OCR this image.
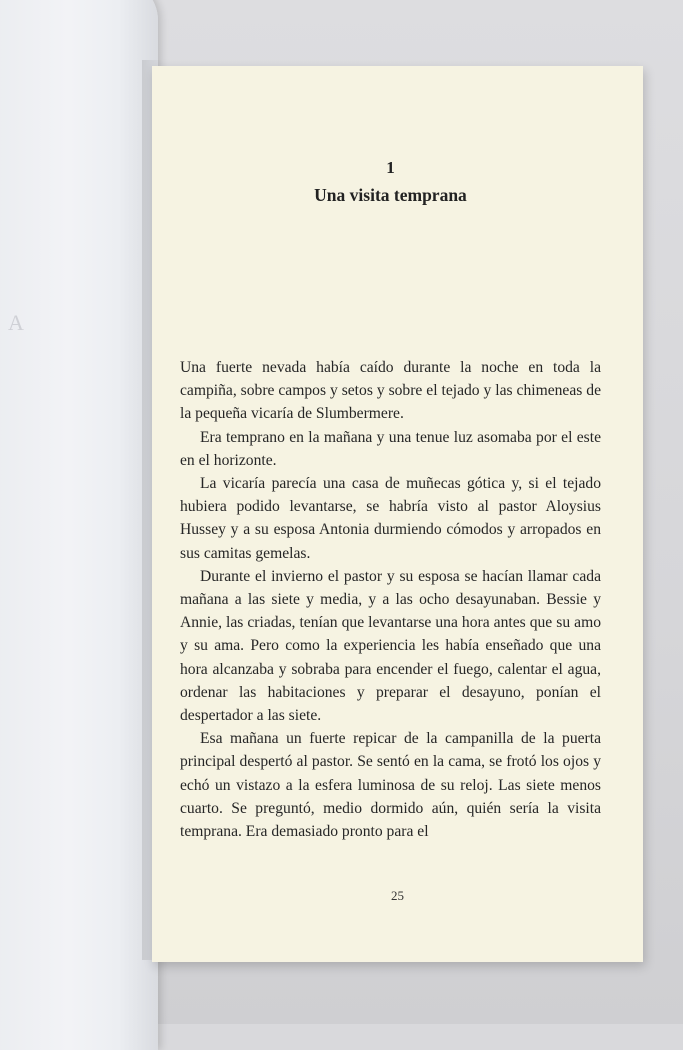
A

1

Una visita temprana

Una fuerte nevada había caído durante la noche en toda la campiña, sobre campos y setos y sobre el tejado y las chimeneas de la pequeña vicaría de Slumbermere.

Era temprano en la mañana y una tenue luz asomaba por el este en el horizonte.

La vicaría parecía una casa de muñecas gótica y, si el tejado hubiera podido levantarse, se habría visto al pastor Aloysius Hussey y a su esposa Antonia durmiendo cómodos y arropados en sus camitas gemelas.

Durante el invierno el pastor y su esposa se hacían llamar cada mañana a las siete y media, y a las ocho desayunaban. Bessie y Annie, las criadas, tenían que levantarse una hora antes que su amo y su ama. Pero como la experiencia les había enseñado que una hora alcanzaba y sobraba para encender el fuego, calentar el agua, ordenar las habitaciones y preparar el desayuno, ponían el despertador a las siete.

Esa mañana un fuerte repicar de la campanilla de la puerta principal despertó al pastor. Se sentó en la cama, se frotó los ojos y echó un vistazo a la esfera luminosa de su reloj. Las siete menos cuarto. Se preguntó, medio dormido aún, quién sería la visita temprana. Era demasiado pronto para el

25
